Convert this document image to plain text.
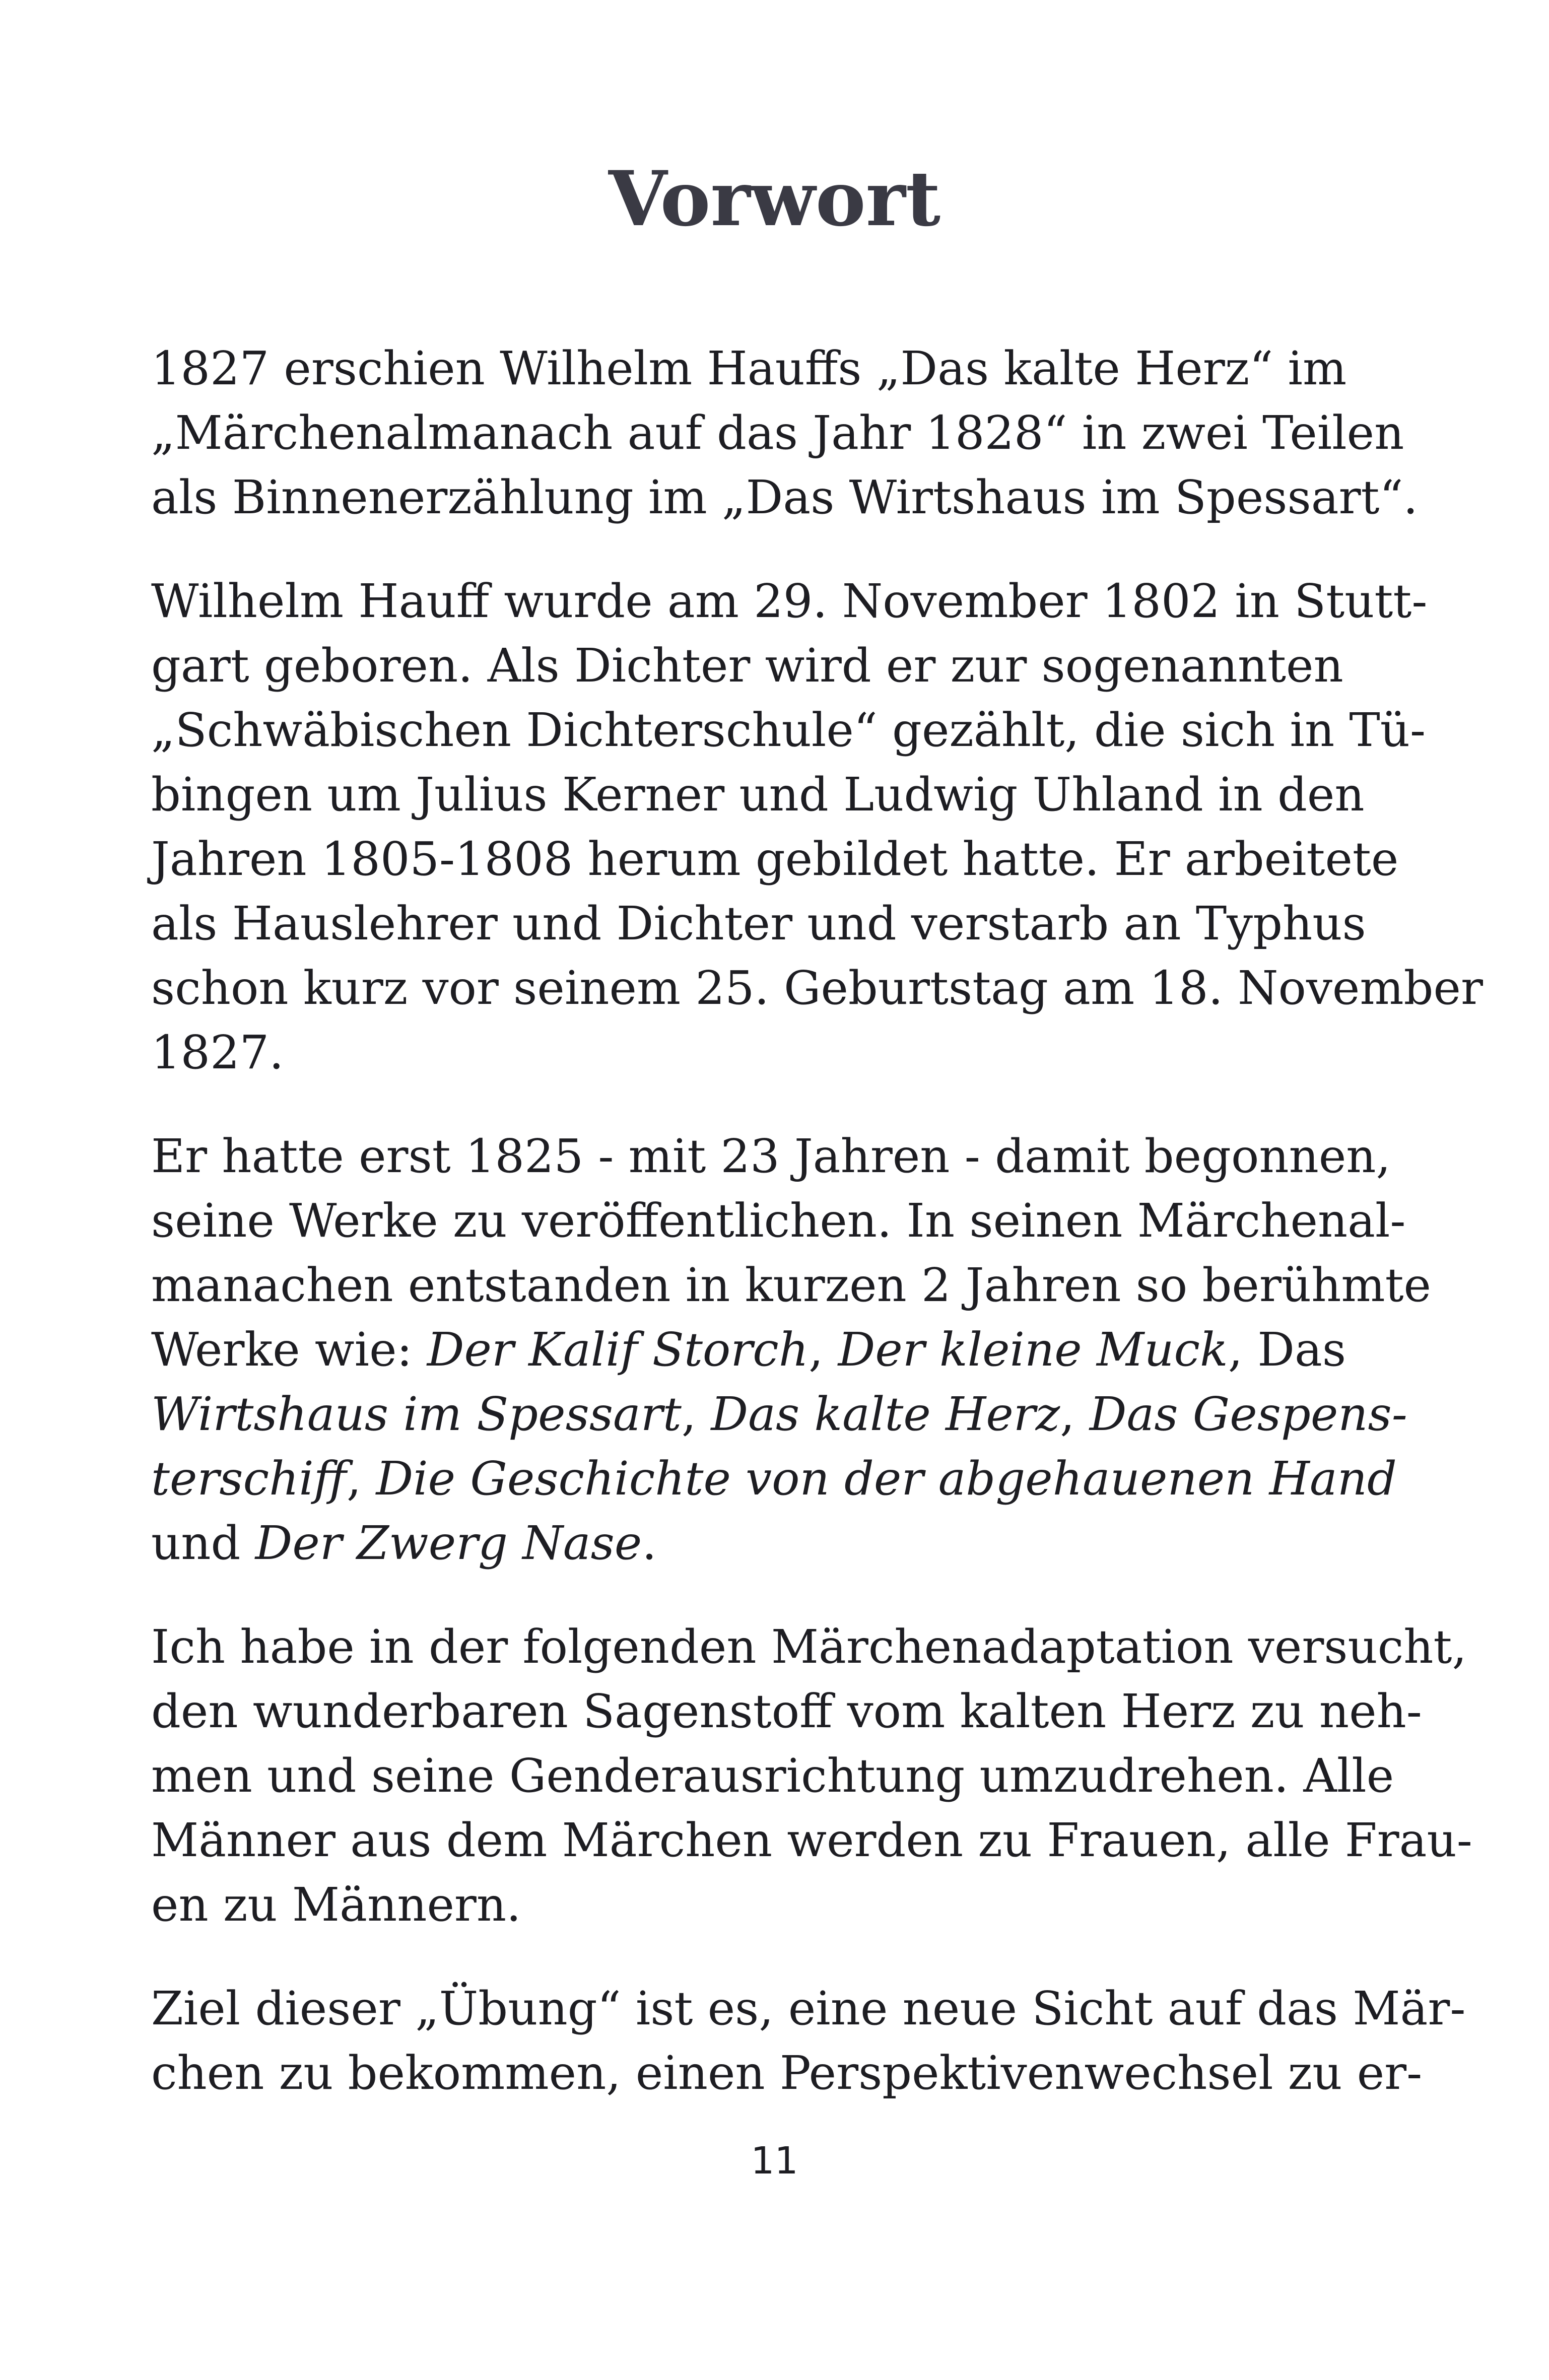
Vorwort

1827 erschien Wilhelm Hauffs „Das kalte Herz“ im
„Märchenalmanach auf das Jahr 1828“ in zwei Teilen
als Binnenerzählung im „Das Wirtshaus im Spessart“.

Wilhelm Hauff wurde am 29. November 1802 in Stutt-
gart geboren. Als Dichter wird er zur sogenannten
„Schwäbischen Dichterschule“ gezählt, die sich in Tü-
bingen um Julius Kerner und Ludwig Uhland in den
Jahren 1805-1808 herum gebildet hatte. Er arbeitete
als Hauslehrer und Dichter und verstarb an Typhus
schon kurz vor seinem 25. Geburtstag am 18. November
1827.

Er hatte erst 1825 - mit 23 Jahren - damit begonnen,
seine Werke zu veröffentlichen. In seinen Märchenal-
manachen entstanden in kurzen 2 Jahren so berühmte
Werke wie: Der Kalif Storch, Der kleine Muck, Das
Wirtshaus im Spessart, Das kalte Herz, Das Gespens-
terschiff, Die Geschichte von der abgehauenen Hand
und Der Zwerg Nase.

Ich habe in der folgenden Märchenadaptation versucht,
den wunderbaren Sagenstoff vom kalten Herz zu neh-
men und seine Genderausrichtung umzudrehen. Alle
Männer aus dem Märchen werden zu Frauen, alle Frau-
en zu Männern.

Ziel dieser „Übung“ ist es, eine neue Sicht auf das Mär-
chen zu bekommen, einen Perspektivenwechsel zu er-

11
